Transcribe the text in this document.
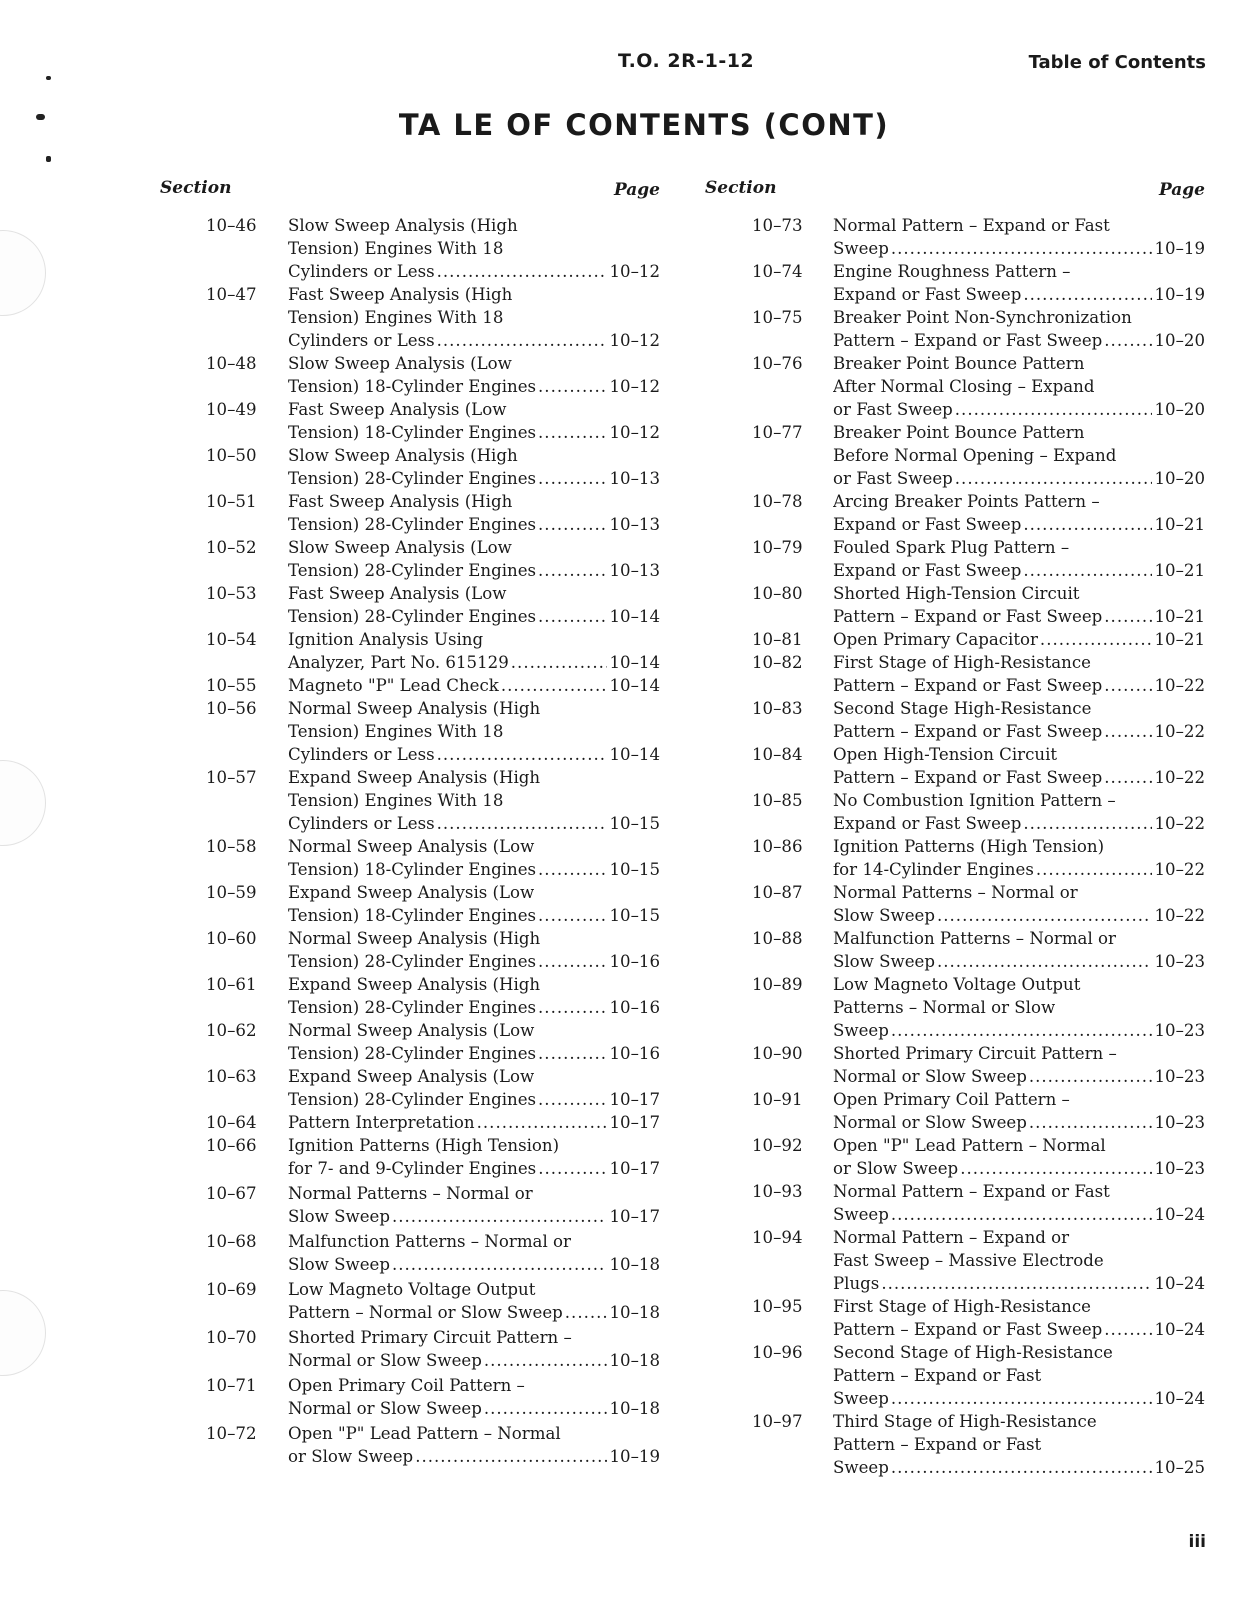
T.O. 2R-1-12	Table of Contents
TA LE OF CONTENTS (CONT)
Section	Page
10–46	Slow Sweep Analysis (High
Tension) Engines With 18
Cylinders or Less .....	10–12
10–47	Fast Sweep Analysis (High
Tension) Engines With 18
Cylinders or Less .....	10–12
10–48	Slow Sweep Analysis (Low
Tension) 18-Cylinder Engines .....	10–12
10–49	Fast Sweep Analysis (Low
Tension) 18-Cylinder Engines .....	10–12
10–50	Slow Sweep Analysis (High
Tension) 28-Cylinder Engines .....	10–13
10–51	Fast Sweep Analysis (High
Tension) 28-Cylinder Engines .....	10–13
10–52	Slow Sweep Analysis (Low
Tension) 28-Cylinder Engines .....	10–13
10–53	Fast Sweep Analysis (Low
Tension) 28-Cylinder Engines .....	10–14
10–54	Ignition Analysis Using
Analyzer, Part No. 615129 .....	10–14
10–55	Magneto "P" Lead Check .....	10–14
10–56	Normal Sweep Analysis (High
Tension) Engines With 18
Cylinders or Less .....	10–14
10–57	Expand Sweep Analysis (High
Tension) Engines With 18
Cylinders or Less .....	10–15
10–58	Normal Sweep Analysis (Low
Tension) 18-Cylinder Engines .....	10–15
10–59	Expand Sweep Analysis (Low
Tension) 18-Cylinder Engines .....	10–15
10–60	Normal Sweep Analysis (High
Tension) 28-Cylinder Engines .....	10–16
10–61	Expand Sweep Analysis (High
Tension) 28-Cylinder Engines .....	10–16
10–62	Normal Sweep Analysis (Low
Tension) 28-Cylinder Engines .....	10–16
10–63	Expand Sweep Analysis (Low
Tension) 28-Cylinder Engines .....	10–17
10–64	Pattern Interpretation .....	10–17
10–66	Ignition Patterns (High Tension)
for 7- and 9-Cylinder Engines .....	10–17
10–67	Normal Patterns – Normal or
Slow Sweep .....	10–17
10–68	Malfunction Patterns – Normal or
Slow Sweep .....	10–18
10–69	Low Magneto Voltage Output
Pattern – Normal or Slow Sweep .....	10–18
10–70	Shorted Primary Circuit Pattern –
Normal or Slow Sweep .....	10–18
10–71	Open Primary Coil Pattern –
Normal or Slow Sweep .....	10–18
10–72	Open "P" Lead Pattern – Normal
or Slow Sweep .....	10–19
Section	Page
10–73	Normal Pattern – Expand or Fast
Sweep .....	10–19
10–74	Engine Roughness Pattern –
Expand or Fast Sweep .....	10–19
10–75	Breaker Point Non-Synchronization
Pattern – Expand or Fast Sweep .....	10–20
10–76	Breaker Point Bounce Pattern
After Normal Closing – Expand
or Fast Sweep .....	10–20
10–77	Breaker Point Bounce Pattern
Before Normal Opening – Expand
or Fast Sweep .....	10–20
10–78	Arcing Breaker Points Pattern –
Expand or Fast Sweep .....	10–21
10–79	Fouled Spark Plug Pattern –
Expand or Fast Sweep .....	10–21
10–80	Shorted High-Tension Circuit
Pattern – Expand or Fast Sweep .....	10–21
10–81	Open Primary Capacitor .....	10–21
10–82	First Stage of High-Resistance
Pattern – Expand or Fast Sweep .....	10–22
10–83	Second Stage High-Resistance
Pattern – Expand or Fast Sweep .....	10–22
10–84	Open High-Tension Circuit
Pattern – Expand or Fast Sweep .....	10–22
10–85	No Combustion Ignition Pattern –
Expand or Fast Sweep .....	10–22
10–86	Ignition Patterns (High Tension)
for 14-Cylinder Engines .....	10–22
10–87	Normal Patterns – Normal or
Slow Sweep .....	10–22
10–88	Malfunction Patterns – Normal or
Slow Sweep .....	10–23
10–89	Low Magneto Voltage Output
Patterns – Normal or Slow
Sweep .....	10–23
10–90	Shorted Primary Circuit Pattern –
Normal or Slow Sweep .....	10–23
10–91	Open Primary Coil Pattern –
Normal or Slow Sweep .....	10–23
10–92	Open "P" Lead Pattern – Normal
or Slow Sweep .....	10–23
10–93	Normal Pattern – Expand or Fast
Sweep .....	10–24
10–94	Normal Pattern – Expand or
Fast Sweep – Massive Electrode
Plugs .....	10–24
10–95	First Stage of High-Resistance
Pattern – Expand or Fast Sweep .....	10–24
10–96	Second Stage of High-Resistance
Pattern – Expand or Fast
Sweep .....	10–24
10–97	Third Stage of High-Resistance
Pattern – Expand or Fast
Sweep .....	10–25
iii
